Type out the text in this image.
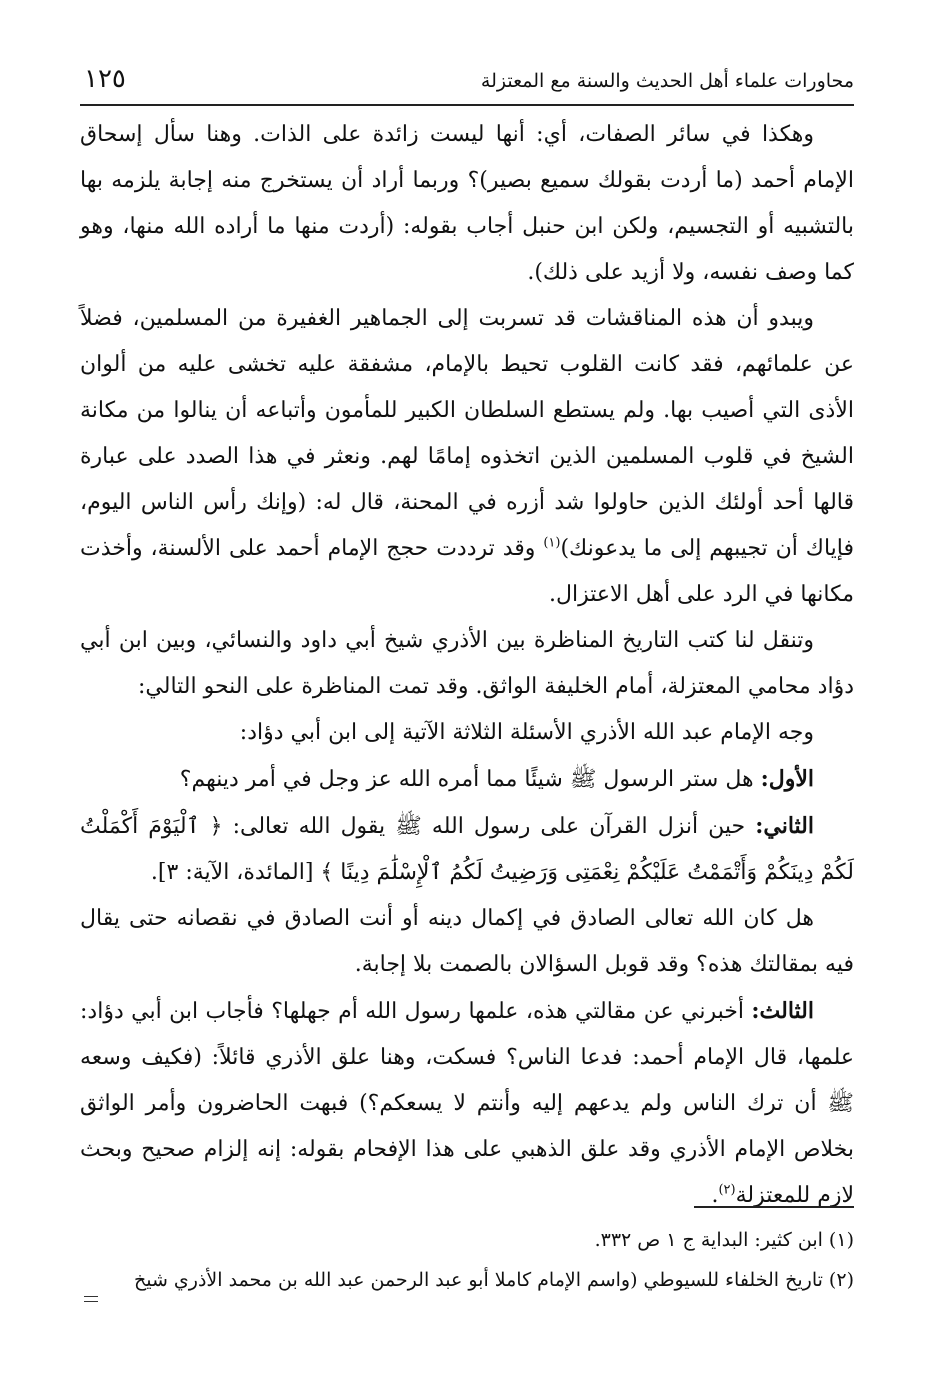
محاورات علماء أهل الحديث والسنة مع المعتزلة
١٢٥

وهكذا في سائر الصفات، أي: أنها ليست زائدة على الذات. وهنا سأل إسحاق الإمام أحمد (ما أردت بقولك سميع بصير)؟ وربما أراد أن يستخرج منه إجابة يلزمه بها بالتشبيه أو التجسيم، ولكن ابن حنبل أجاب بقوله: (أردت منها ما أراده الله منها، وهو كما وصف نفسه، ولا أزيد على ذلك).

ويبدو أن هذه المناقشات قد تسربت إلى الجماهير الغفيرة من المسلمين، فضلاً عن علمائهم، فقد كانت القلوب تحيط بالإمام، مشفقة عليه تخشى عليه من ألوان الأذى التي أصيب بها. ولم يستطع السلطان الكبير للمأمون وأتباعه أن ينالوا من مكانة الشيخ في قلوب المسلمين الذين اتخذوه إمامًا لهم. ونعثر في هذا الصدد على عبارة قالها أحد أولئك الذين حاولوا شد أزره في المحنة، قال له: (وإنك رأس الناس اليوم، فإياك أن تجيبهم إلى ما يدعونك)$^{(١)}$ وقد ترددت حجج الإمام أحمد على الألسنة، وأخذت مكانها في الرد على أهل الاعتزال.

وتنقل لنا كتب التاريخ المناظرة بين الأذري شيخ أبي داود والنسائي، وبين ابن أبي دؤاد محامي المعتزلة، أمام الخليفة الواثق. وقد تمت المناظرة على النحو التالي:

وجه الإمام عبد الله الأذري الأسئلة الثلاثة الآتية إلى ابن أبي دؤاد:

الأول: هل ستر الرسول ﷺ شيئًا مما أمره الله عز وجل في أمر دينهم؟

الثاني: حين أنزل القرآن على رسول الله ﷺ يقول الله تعالى: ﴿ ٱلْيَوْمَ أَكْمَلْتُ لَكُمْ دِينَكُمْ وَأَتْمَمْتُ عَلَيْكُمْ نِعْمَتِى وَرَضِيتُ لَكُمُ ٱلْإِسْلَٰمَ دِينًا ﴾ [المائدة، الآية: ٣].

هل كان الله تعالى الصادق في إكمال دينه أو أنت الصادق في نقصانه حتى يقال فيه بمقالتك هذه؟ وقد قوبل السؤالان بالصمت بلا إجابة.

الثالث: أخبرني عن مقالتي هذه، علمها رسول الله أم جهلها؟ فأجاب ابن أبي دؤاد: علمها، قال الإمام أحمد: فدعا الناس؟ فسكت، وهنا علق الأذري قائلاً: (فكيف وسعه ﷺ أن ترك الناس ولم يدعهم إليه وأنتم لا يسعكم؟) فبهت الحاضرون وأمر الواثق بخلاص الإمام الأذري وقد علق الذهبي على هذا الإفحام بقوله: إنه إلزام صحيح وبحث لازم للمعتزلة$^{(٢)}$.

(١) ابن كثير: البداية ج ١ ص ٣٣٢.

(٢) تاريخ الخلفاء للسيوطي (واسم الإمام كاملا أبو عبد الرحمن عبد الله بن محمد الأذري شيخ
